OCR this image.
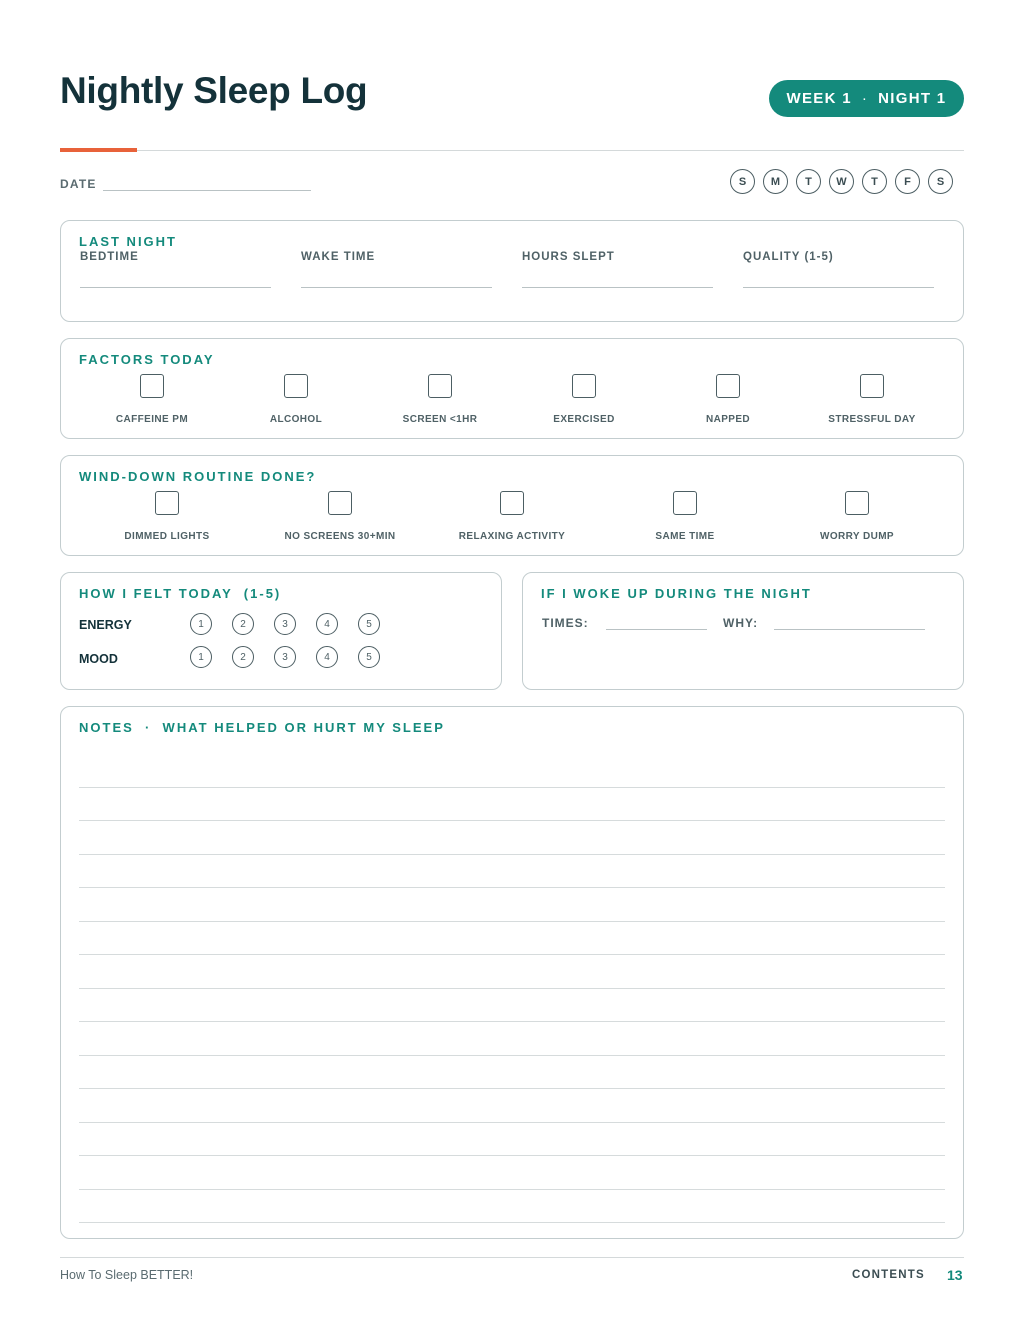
Nightly Sleep Log	WEEK 1 · NIGHT 1
DATE	S	M	T	W	T	F	S
LAST NIGHT
BEDTIME	WAKE TIME	HOURS SLEPT	QUALITY (1-5)
FACTORS TODAY
CAFFEINE PM	ALCOHOL	SCREEN <1HR	EXERCISED	NAPPED	STRESSFUL DAY
WIND-DOWN ROUTINE DONE?
DIMMED LIGHTS	NO SCREENS 30+MIN	RELAXING ACTIVITY	SAME TIME	WORRY DUMP
HOW I FELT TODAY  (1-5)
ENERGY	1	2	3	4	5
MOOD	1	2	3	4	5
IF I WOKE UP DURING THE NIGHT
TIMES:	WHY:
NOTES  ·  WHAT HELPED OR HURT MY SLEEP
How To Sleep BETTER!	CONTENTS 13
